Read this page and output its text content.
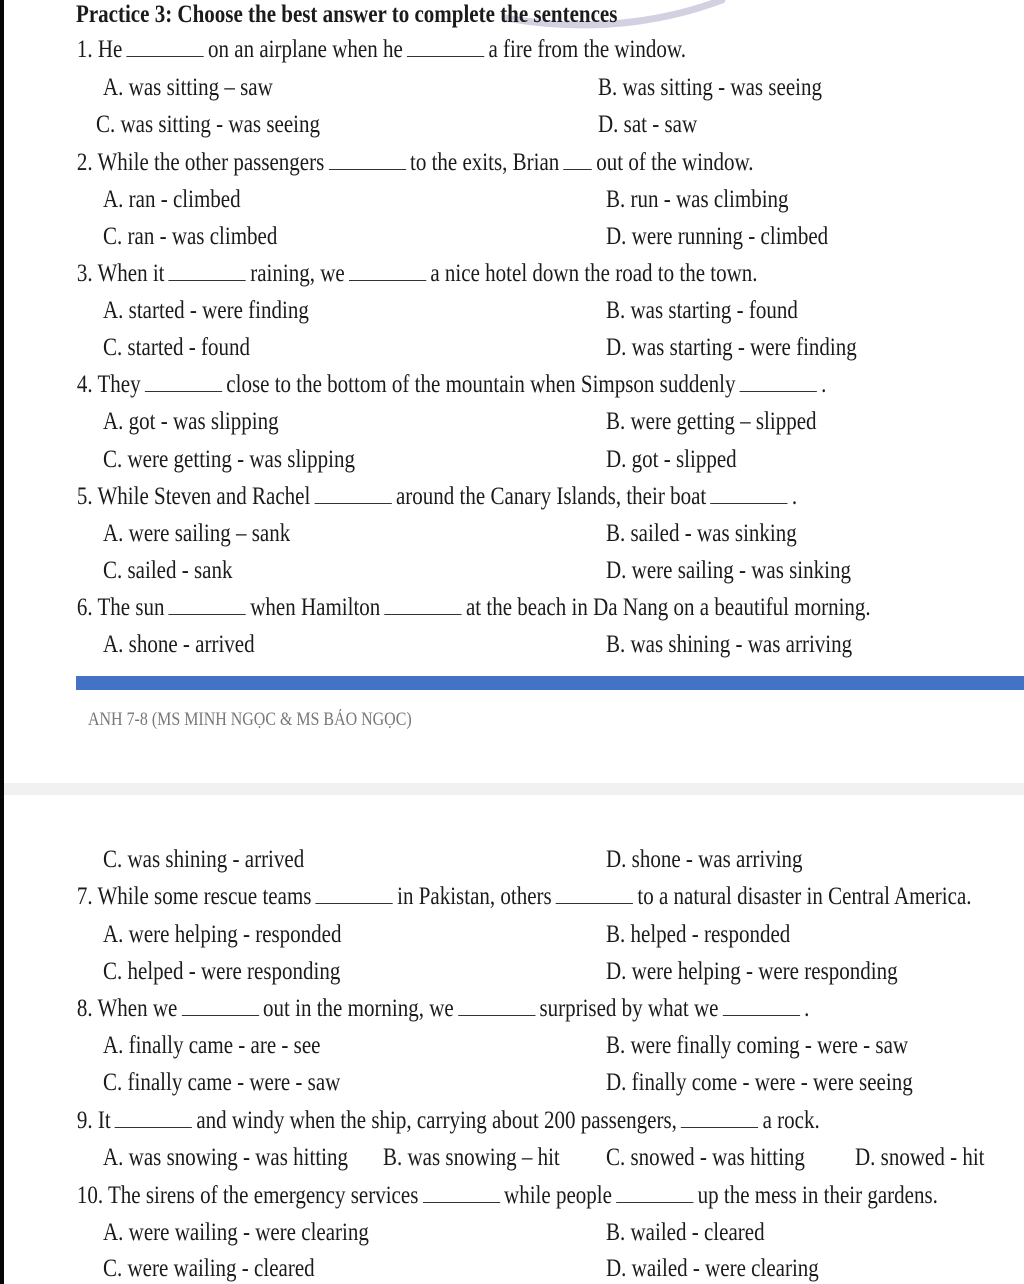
Practice 3: Choose the best answer to complete the sentences
1. He	on an airplane when he	a fire from the window.
A. was sitting – saw	B. was sitting - was seeing
C. was sitting - was seeing	D. sat - saw
2. While the other passengers	to the exits, Brian out of the window.
A. ran - climbed	B. run - was climbing
C. ran - was climbed	D. were running - climbed
3. When it	raining, we	a nice hotel down the road to the town.
A. started - were finding	B. was starting - found
C. started - found	D. was starting - were finding
4. They	close to the bottom of the mountain when Simpson suddenly	.
A. got - was slipping	B. were getting – slipped
C. were getting - was slipping	D. got - slipped
5. While Steven and Rachel	around the Canary Islands, their boat	.
A. were sailing – sank	B. sailed - was sinking
C. sailed - sank	D. were sailing - was sinking
6. The sun	when Hamilton	at the beach in Da Nang on a beautiful morning.
A. shone - arrived	B. was shining - was arriving
ANH 7-8 (MS MINH NGỌC & MS BẢO NGỌC)
C. was shining - arrived	D. shone - was arriving
7. While some rescue teams	in Pakistan, others	to a natural disaster in Central America.
A. were helping - responded	B. helped - responded
C. helped - were responding	D. were helping - were responding
8. When we	out in the morning, we	surprised by what we	.
A. finally came - are - see	B. were finally coming - were - saw
C. finally came - were - saw	D. finally come - were - were seeing
9. It	and windy when the ship, carrying about 200 passengers,	a rock.
A. was snowing - was hitting B. was snowing – hit C. snowed - was hitting D. snowed - hit
10. The sirens of the emergency services	while people	up the mess in their gardens.
A. were wailing - were clearing	B. wailed - cleared
C. were wailing - cleared	D. wailed - were clearing
